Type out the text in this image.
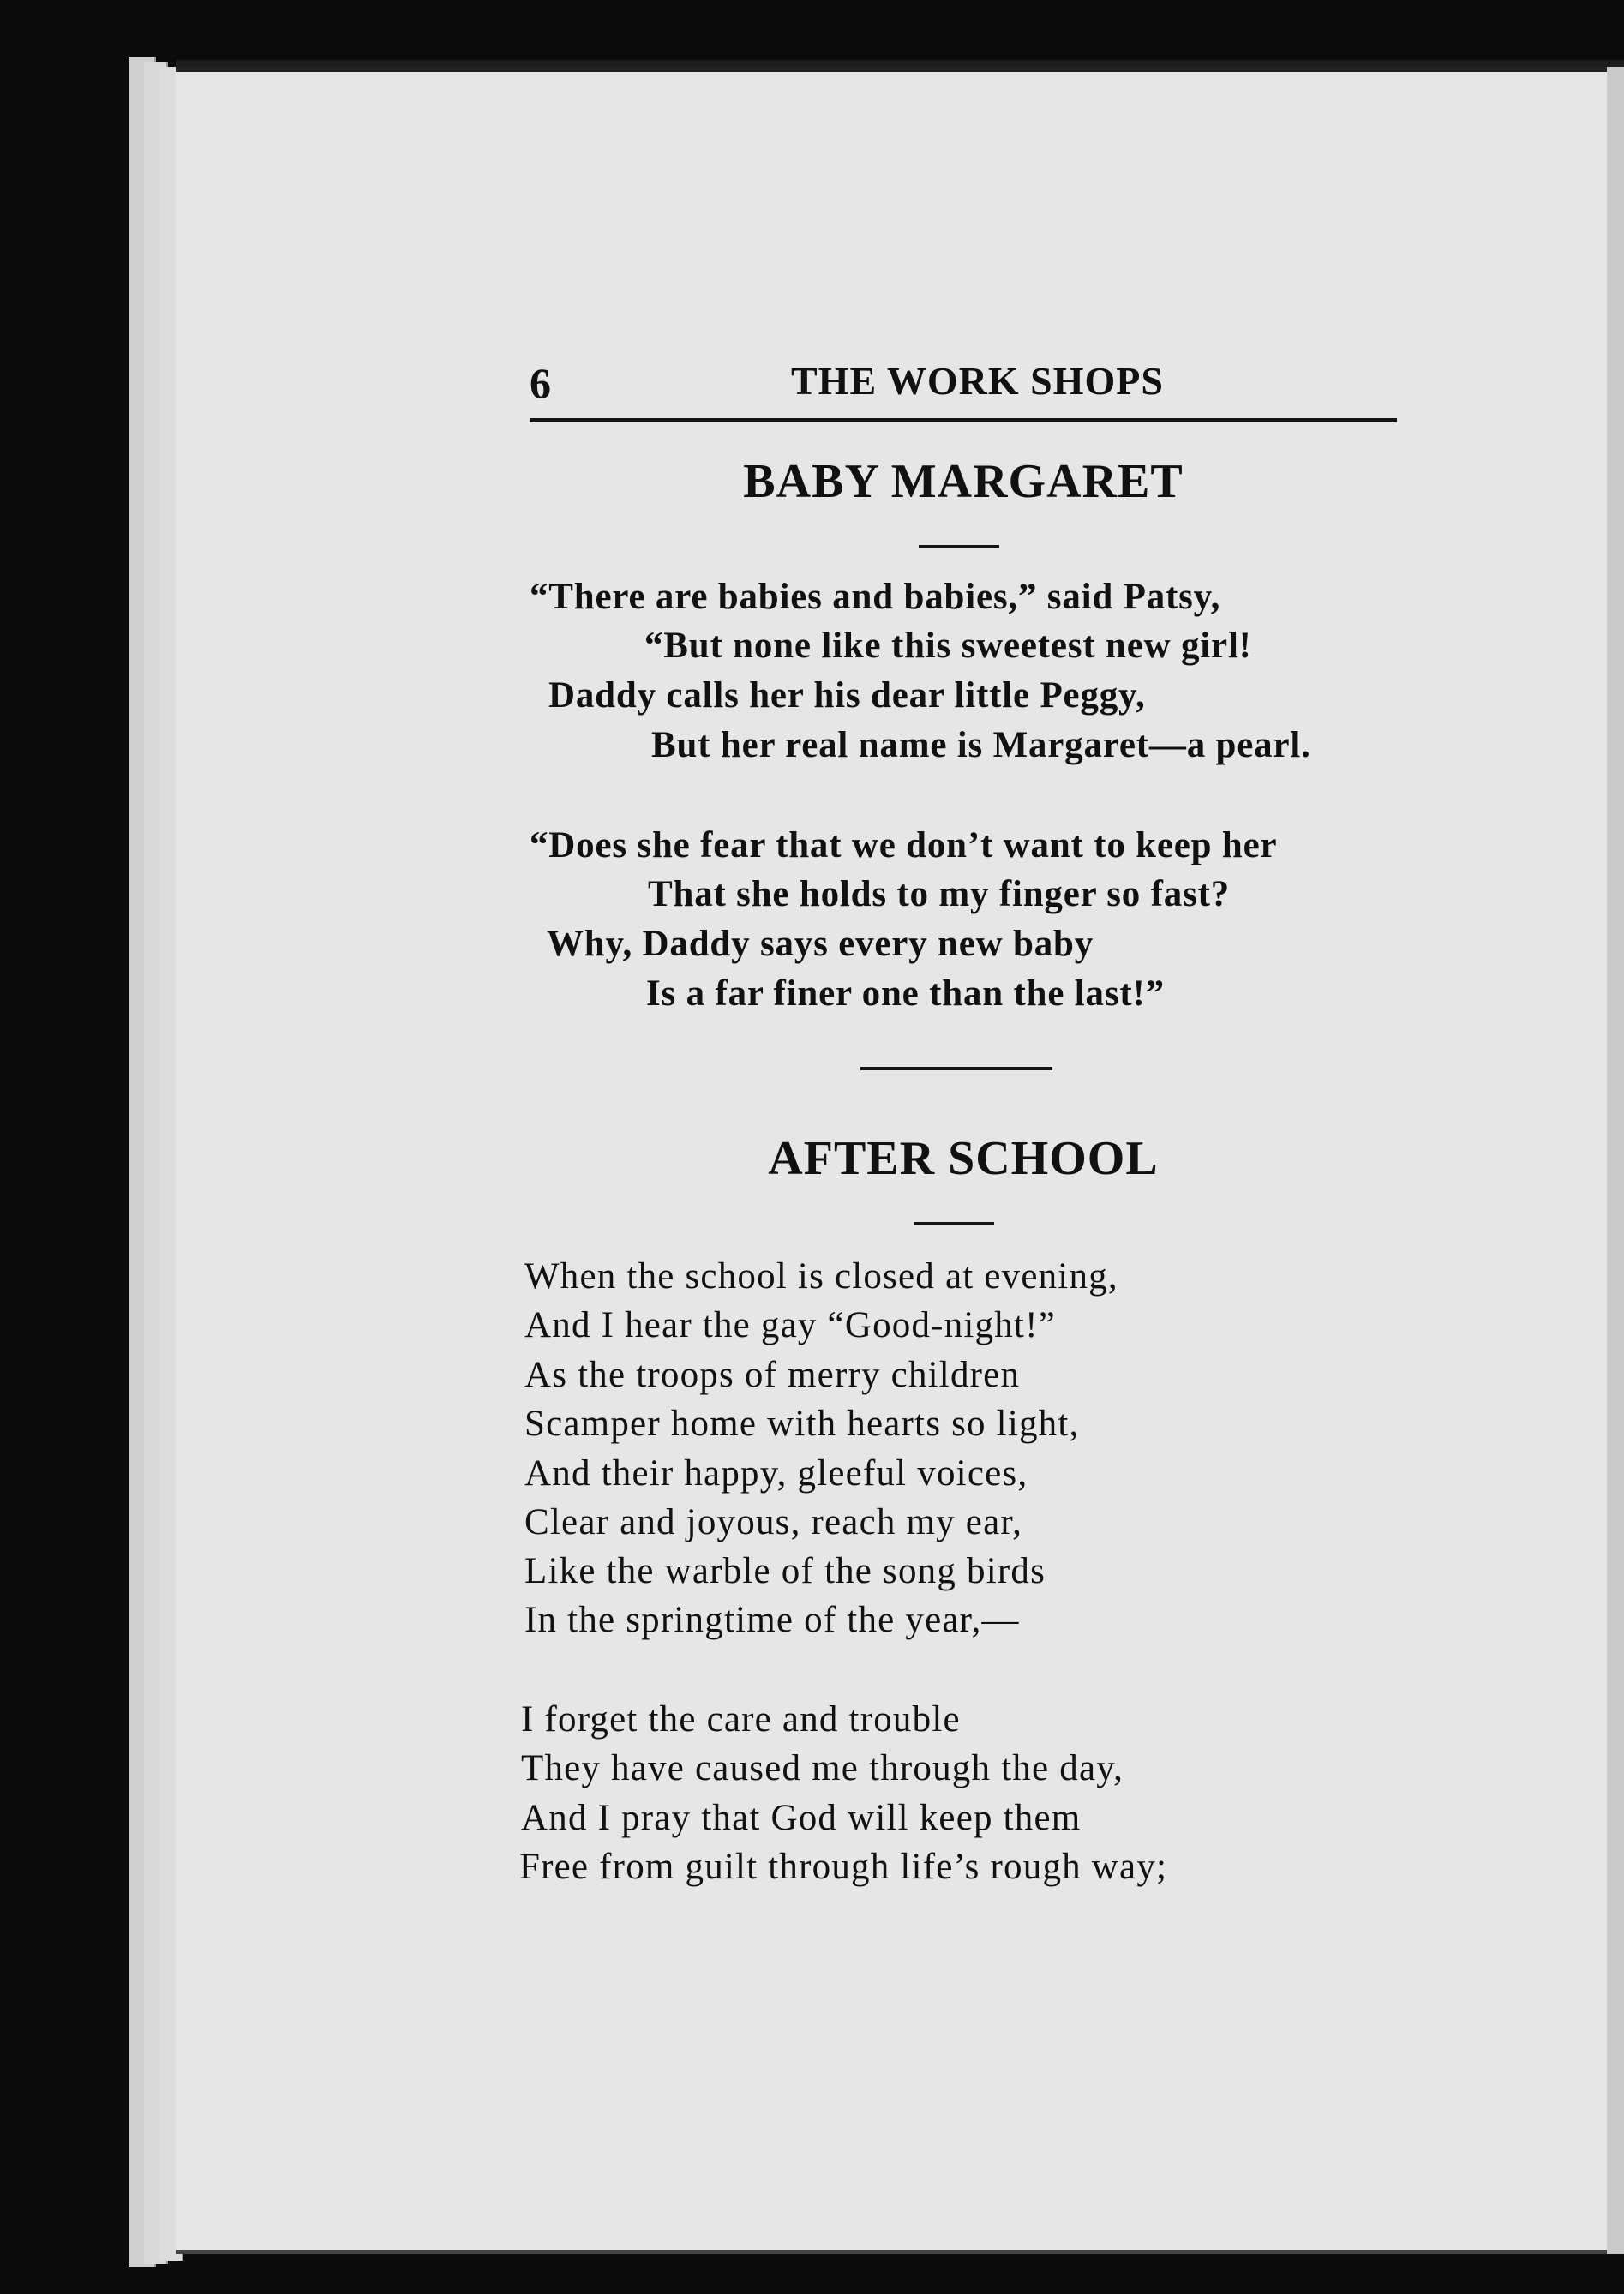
6	THE WORK SHOPS
BABY MARGARET
“There are babies and babies,” said Patsy,
“But none like this sweetest new girl!
Daddy calls her his dear little Peggy,
But her real name is Margaret—a pearl.
“Does she fear that we don’t want to keep her
That she holds to my finger so fast?
Why, Daddy says every new baby
Is a far finer one than the last!”
AFTER SCHOOL
When the school is closed at evening,
And I hear the gay “Good-night!”
As the troops of merry children
Scamper home with hearts so light,
And their happy, gleeful voices,
Clear and joyous, reach my ear,
Like the warble of the song birds
In the springtime of the year,—
I forget the care and trouble
They have caused me through the day,
And I pray that God will keep them
Free from guilt through life’s rough way;
